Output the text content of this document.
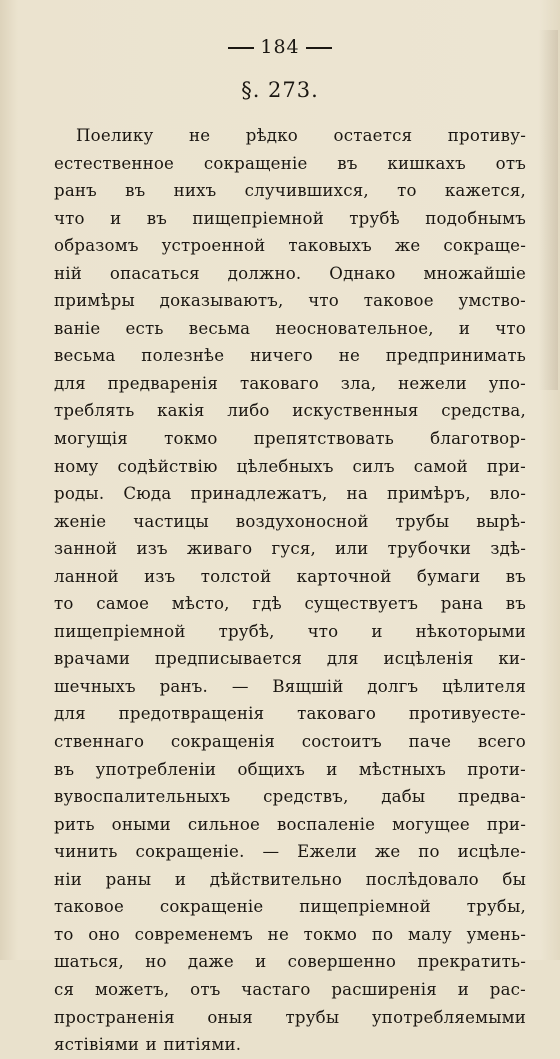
184
§. 273.
Поелику не рѣдко остается противу-
естественное сокращеніе въ кишкахъ отъ
ранъ въ нихъ случившихся, то кажется,
что и въ пищепріемной трубѣ подобнымъ
образомъ устроенной таковыхъ же сокраще-
ній опасаться должно. Однако множайшіе
примѣры доказываютъ, что таковое умство-
ваніе есть весьма неосновательное, и что
весьма полезнѣе ничего не предпринимать
для предваренія таковаго зла, нежели упо-
треблять какія либо искуственныя средства,
могущія токмо препятствовать благотвор-
ному содѣйствію цѣлебныхъ силъ самой при-
роды. Сюда принадлежатъ, на примѣръ, вло-
женіе частицы воздухоносной трубы вырѣ-
занной изъ живаго гуся, или трубочки здѣ-
ланной изъ толстой карточной бумаги въ
то самое мѣсто, гдѣ существуетъ рана въ
пищепріемной трубѣ, что и нѣкоторыми
врачами предписывается для исцѣленія ки-
шечныхъ ранъ. — Вящшій долгъ цѣлителя
для предотвращенія таковаго противуесте-
ственнаго сокращенія состоитъ паче всего
въ употребленіи общихъ и мѣстныхъ проти-
вувоспалительныхъ средствъ, дабы предва-
рить оными сильное воспаленіе могущее при-
чинить сокращеніе. — Ежели же по исцѣле-
ніи раны и дѣйствительно послѣдовало бы
таковое сокращеніе пищепріемной трубы,
то оно современемъ не токмо по малу умень-
шаться, но даже и совершенно прекратить-
ся можетъ, отъ частаго расширенія и рас-
пространенія оныя трубы употребляемыми
ястівіями и питіями.
